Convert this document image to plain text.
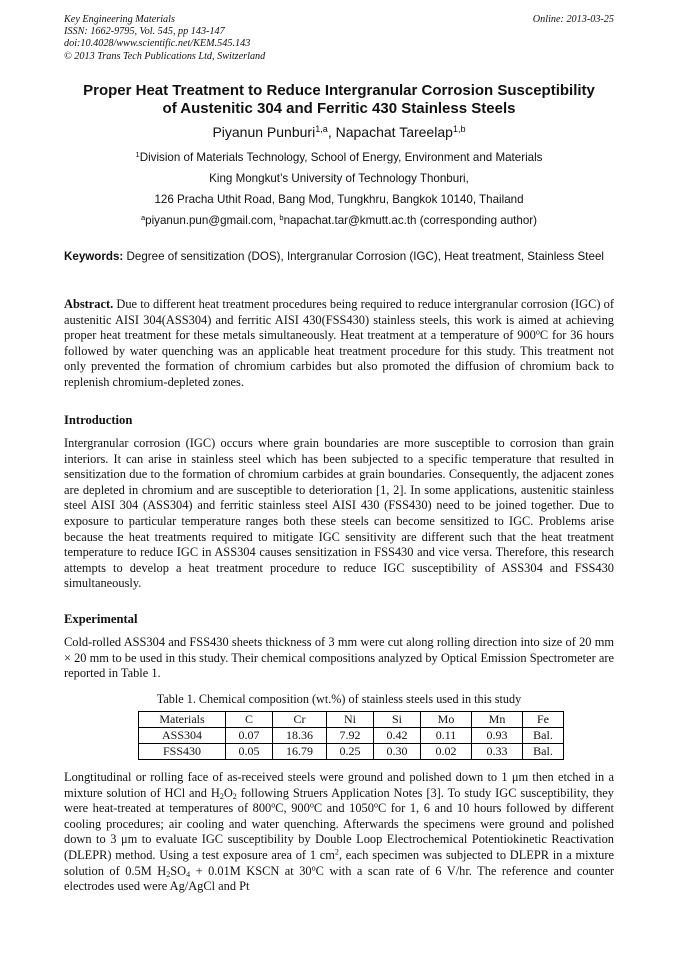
Key Engineering Materials
ISSN: 1662-9795, Vol. 545, pp 143-147
doi:10.4028/www.scientific.net/KEM.545.143
© 2013 Trans Tech Publications Ltd, Switzerland
Online: 2013-03-25
Proper Heat Treatment to Reduce Intergranular Corrosion Susceptibility
of Austenitic 304 and Ferritic 430 Stainless Steels
Piyanun Punburi$^{1,a}$, Napachat Tareelap$^{1,b}$
$^1$Division of Materials Technology, School of Energy, Environment and Materials
King Mongkut’s University of Technology Thonburi,
126 Pracha Uthit Road, Bang Mod, Tungkhru, Bangkok 10140, Thailand
$^a$piyanun.pun@gmail.com, $^b$napachat.tar@kmutt.ac.th (corresponding author)
Keywords: Degree of sensitization (DOS), Intergranular Corrosion (IGC), Heat treatment, Stainless Steel
Abstract. Due to different heat treatment procedures being required to reduce intergranular corrosion (IGC) of austenitic AISI 304(ASS304) and ferritic AISI 430(FSS430) stainless steels, this work is aimed at achieving proper heat treatment for these metals simultaneously. Heat treatment at a temperature of 900$^o$C for 36 hours followed by water quenching was an applicable heat treatment procedure for this study. This treatment not only prevented the formation of chromium carbides but also promoted the diffusion of chromium back to replenish chromium-depleted zones.
Introduction
Intergranular corrosion (IGC) occurs where grain boundaries are more susceptible to corrosion than grain interiors. It can arise in stainless steel which has been subjected to a specific temperature that resulted in sensitization due to the formation of chromium carbides at grain boundaries. Consequently, the adjacent zones are depleted in chromium and are susceptible to deterioration [1, 2]. In some applications, austenitic stainless steel AISI 304 (ASS304) and ferritic stainless steel AISI 430 (FSS430) need to be joined together. Due to exposure to particular temperature ranges both these steels can become sensitized to IGC. Problems arise because the heat treatments required to mitigate IGC sensitivity are different such that the heat treatment temperature to reduce IGC in ASS304 causes sensitization in FSS430 and vice versa. Therefore, this research attempts to develop a heat treatment procedure to reduce IGC susceptibility of ASS304 and FSS430 simultaneously.
Experimental
Cold-rolled ASS304 and FSS430 sheets thickness of 3 mm were cut along rolling direction into size of 20 mm × 20 mm to be used in this study. Their chemical compositions analyzed by Optical Emission Spectrometer are reported in Table 1.
Table 1. Chemical composition (wt.%) of stainless steels used in this study
Materials	C	Cr	Ni	Si	Mo	Mn	Fe
ASS304	0.07	18.36	7.92	0.42	0.11	0.93	Bal.
FSS430	0.05	16.79	0.25	0.30	0.02	0.33	Bal.
Longtitudinal or rolling face of as-received steels were ground and polished down to 1 μm then etched in a mixture solution of HCl and $H_2O_2$ following Struers Application Notes [3]. To study IGC susceptibility, they were heat-treated at temperatures of 800$^o$C, 900$^o$C and 1050$^o$C for 1, 6 and 10 hours followed by different cooling procedures; air cooling and water quenching. Afterwards the specimens were ground and polished down to 3 μm to evaluate IGC susceptibility by Double Loop Electrochemical Potentiokinetic Reactivation (DLEPR) method. Using a test exposure area of 1 $cm^2$, each specimen was subjected to DLEPR in a mixture solution of 0.5M $H_2SO_4 + 0.01M$ KSCN at 30$^o$C with a scan rate of 6 V/hr. The reference and counter electrodes used were Ag/AgCl and Pt
